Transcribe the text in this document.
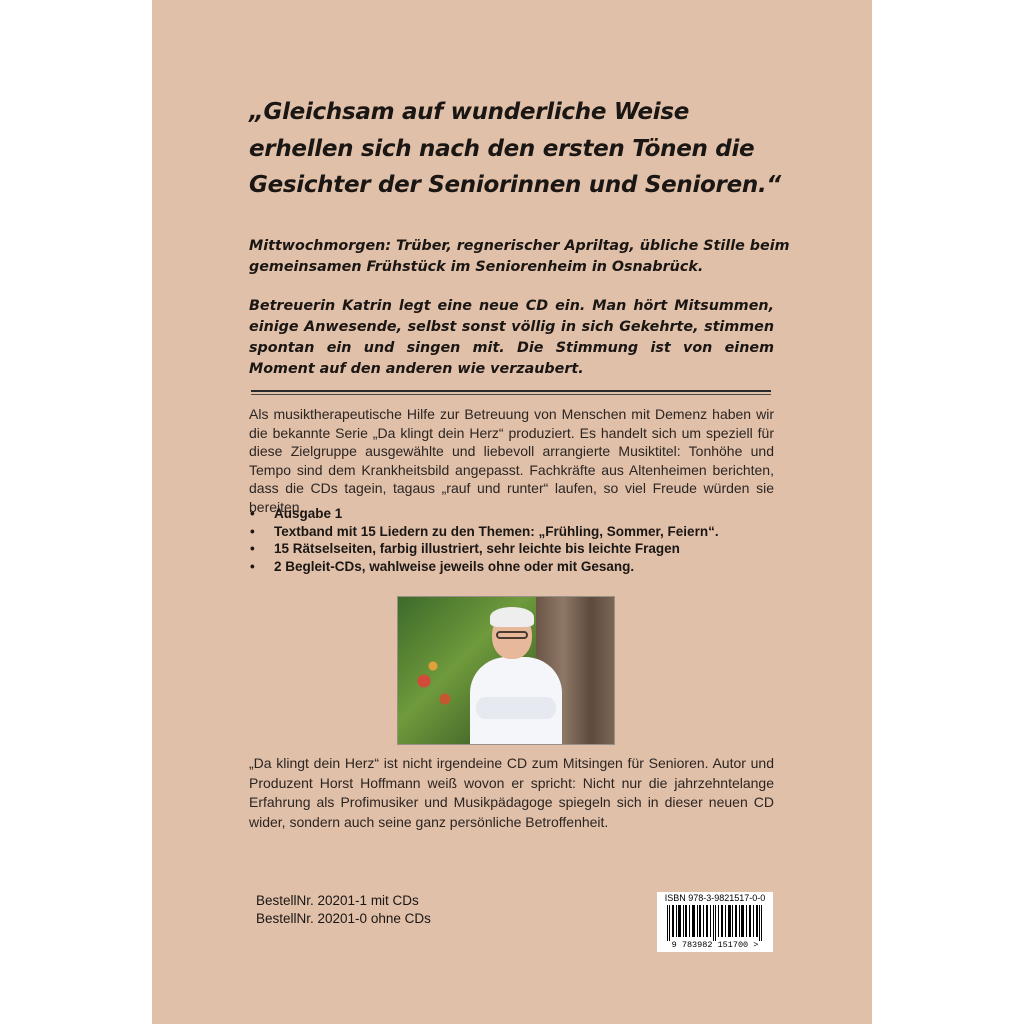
„Gleichsam auf wunderliche Weise
erhellen sich nach den ersten Tönen die
Gesichter der Seniorinnen und Senioren.“
Mittwochmorgen: Trüber, regnerischer Apriltag, übliche Stille beim
gemeinsamen Frühstück im Seniorenheim in Osnabrück.
Betreuerin Katrin legt eine neue CD ein. Man hört Mitsummen, einige Anwesende, selbst sonst völlig in sich Gekehrte, stimmen spontan ein und singen mit. Die Stimmung ist von einem Moment auf den anderen wie verzaubert.
Als musiktherapeutische Hilfe zur Betreuung von Menschen mit Demenz haben wir die bekannte Serie „Da klingt dein Herz“ produziert. Es handelt sich um speziell für diese Zielgruppe ausgewählte und liebevoll arrangierte Musiktitel: Tonhöhe und Tempo sind dem Krankheitsbild angepasst. Fachkräfte aus Altenheimen berichten, dass die CDs tagein, tagaus „rauf und runter“ laufen, so viel Freude würden sie bereiten.
• Ausgabe 1
• Textband mit 15 Liedern zu den Themen: „Frühling, Sommer, Feiern“.
• 15 Rätselseiten, farbig illustriert, sehr leichte bis leichte Fragen
• 2 Begleit-CDs, wahlweise jeweils ohne oder mit Gesang.
„Da klingt dein Herz“ ist nicht irgendeine CD zum Mitsingen für Senioren. Autor und Produzent Horst Hoffmann weiß wovon er spricht: Nicht nur die jahrzehntelange Erfahrung als Profimusiker und Musikpädagoge spiegeln sich in dieser neuen CD wider, sondern auch seine ganz persönliche Betroffenheit.
BestellNr. 20201-1 mit CDs
BestellNr. 20201-0 ohne CDs
ISBN 978-3-9821517-0-0
9 783982 151700 >
